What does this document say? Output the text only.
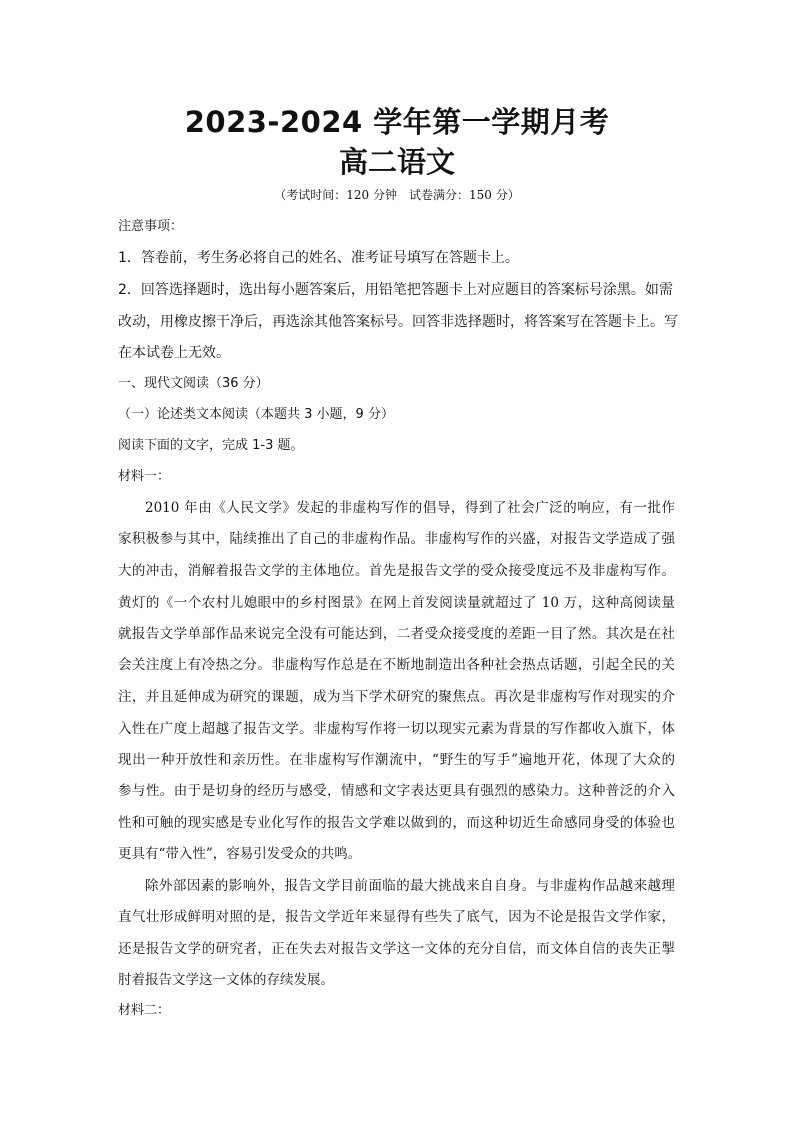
2023-2024 学年第一学期月考
高二语文
（考试时间：120 分钟　试卷满分：150 分）
注意事项：
1．答卷前，考生务必将自己的姓名、准考证号填写在答题卡上。
2．回答选择题时，选出每小题答案后，用铅笔把答题卡上对应题目的答案标号涂黑。如需
改动，用橡皮擦干净后，再选涂其他答案标号。回答非选择题时，将答案写在答题卡上。写
在本试卷上无效。
一、现代文阅读（36 分）
（一）论述类文本阅读（本题共 3 小题，9 分）
阅读下面的文字，完成 1-3 题。
材料一：
2010 年由《人民文学》发起的非虚构写作的倡导，得到了社会广泛的响应，有一批作
家积极参与其中，陆续推出了自己的非虚构作品。非虚构写作的兴盛，对报告文学造成了强
大的冲击，消解着报告文学的主体地位。首先是报告文学的受众接受度远不及非虚构写作。
黄灯的《一个农村儿媳眼中的乡村图景》在网上首发阅读量就超过了 10 万，这种高阅读量
就报告文学单部作品来说完全没有可能达到，二者受众接受度的差距一目了然。其次是在社
会关注度上有冷热之分。非虚构写作总是在不断地制造出各种社会热点话题，引起全民的关
注，并且延伸成为研究的课题，成为当下学术研究的聚焦点。再次是非虚构写作对现实的介
入性在广度上超越了报告文学。非虚构写作将一切以现实元素为背景的写作都收入旗下，体
现出一种开放性和亲历性。在非虚构写作潮流中，“野生的写手”遍地开花，体现了大众的
参与性。由于是切身的经历与感受，情感和文字表达更具有强烈的感染力。这种普泛的介入
性和可触的现实感是专业化写作的报告文学难以做到的，而这种切近生命感同身受的体验也
更具有“带入性”，容易引发受众的共鸣。
除外部因素的影响外，报告文学目前面临的最大挑战来自自身。与非虚构作品越来越理
直气壮形成鲜明对照的是，报告文学近年来显得有些失了底气，因为不论是报告文学作家，
还是报告文学的研究者，正在失去对报告文学这一文体的充分自信，而文体自信的丧失正掣
肘着报告文学这一文体的存续发展。
材料二：
